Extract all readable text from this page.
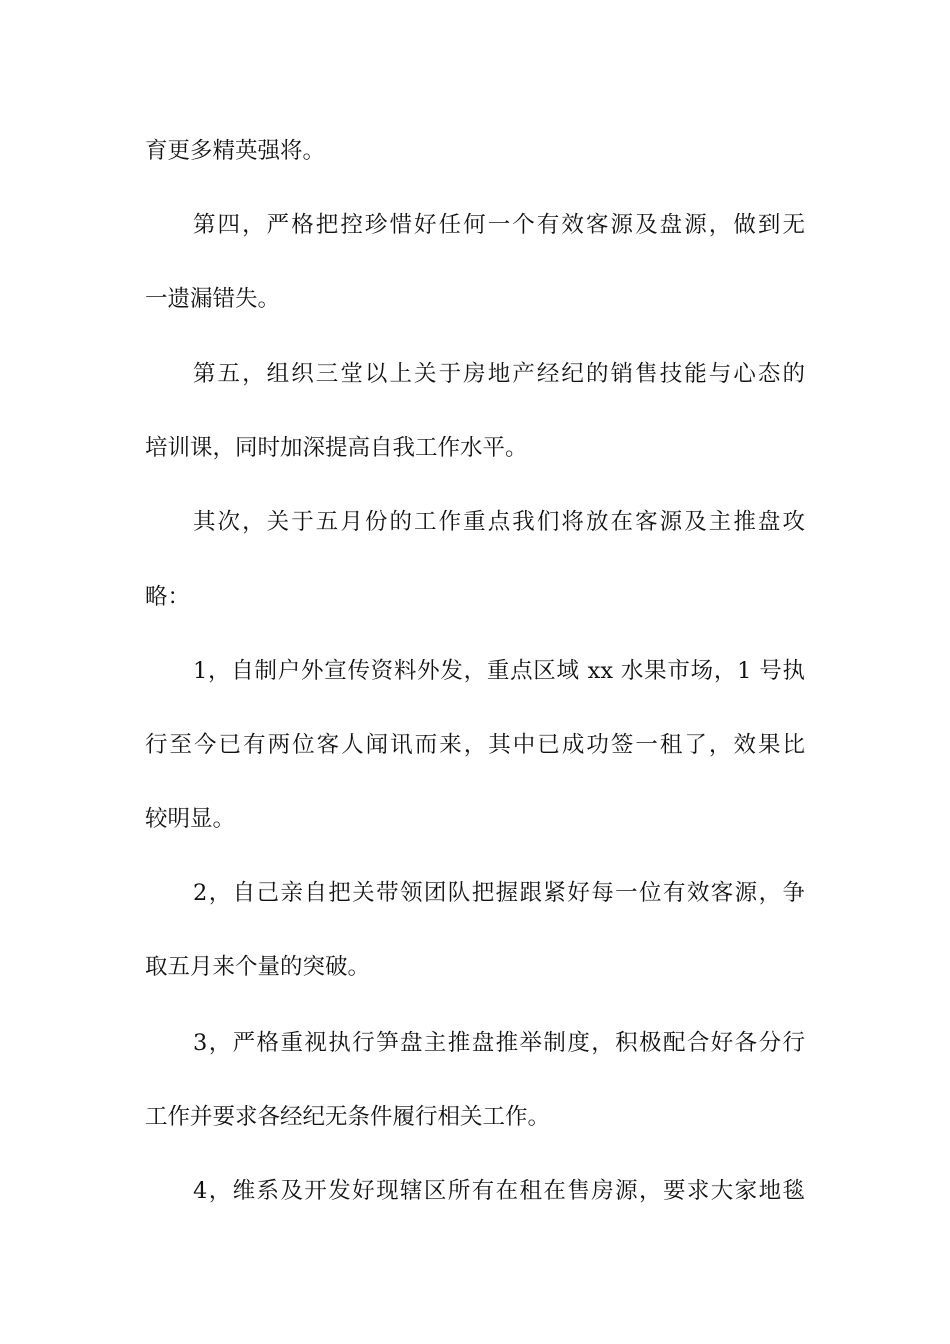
育更多精英强将。
第四，严格把控珍惜好任何一个有效客源及盘源，做到无
一遗漏错失。
第五，组织三堂以上关于房地产经纪的销售技能与心态的
培训课，同时加深提高自我工作水平。
其次，关于五月份的工作重点我们将放在客源及主推盘攻
略：
1，自制户外宣传资料外发，重点区域 xx 水果市场，1 号执
行至今已有两位客人闻讯而来，其中已成功签一租了，效果比
较明显。
2，自己亲自把关带领团队把握跟紧好每一位有效客源，争
取五月来个量的突破。
3，严格重视执行笋盘主推盘推举制度，积极配合好各分行
工作并要求各经纪无条件履行相关工作。
4，维系及开发好现辖区所有在租在售房源，要求大家地毯
